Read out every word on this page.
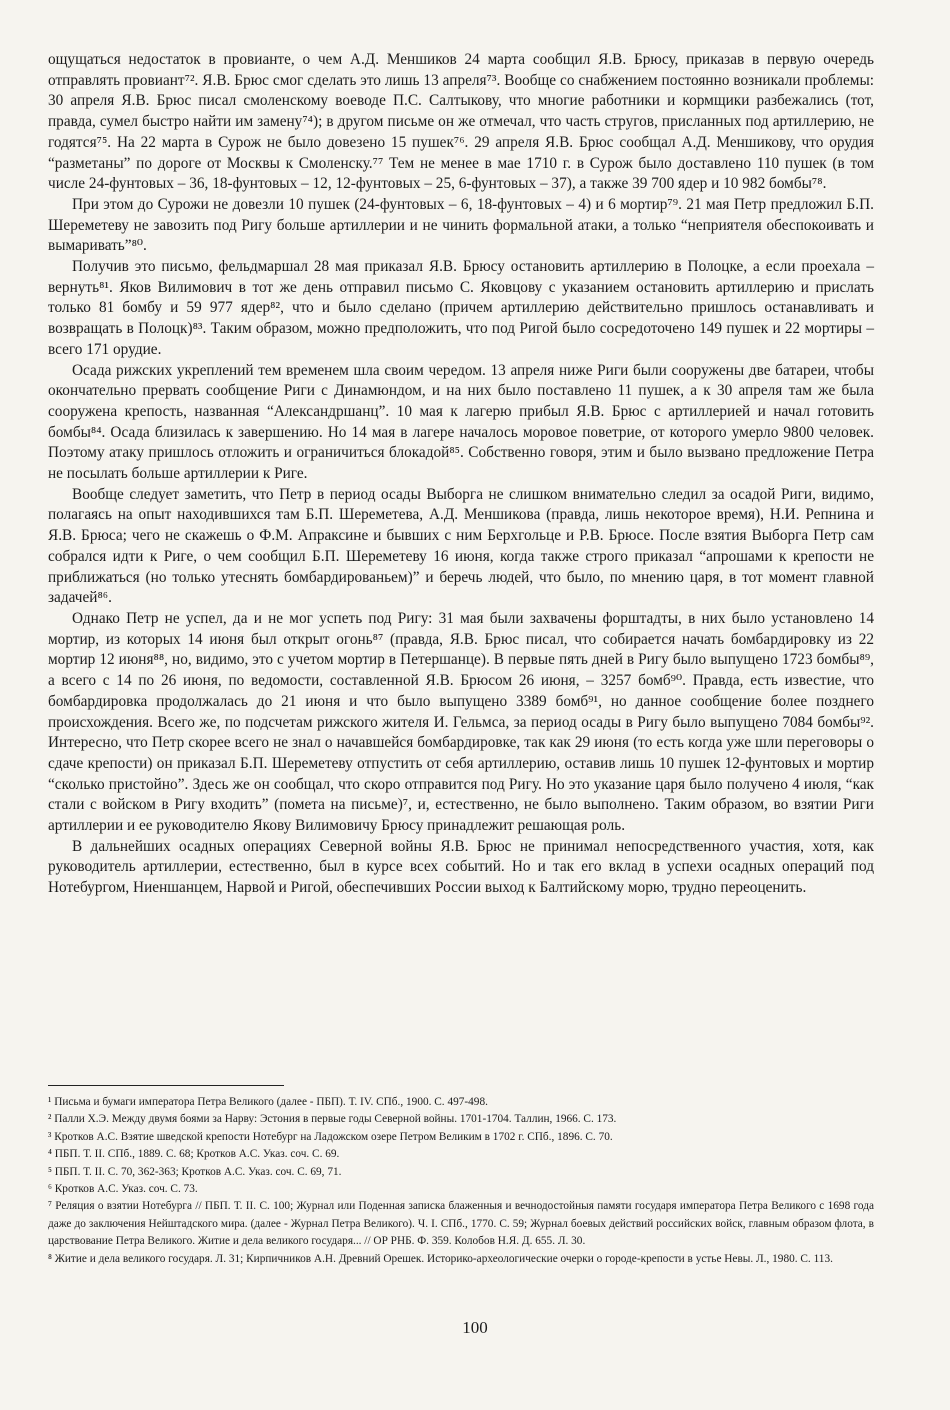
ощущаться недостаток в провианте, о чем А.Д. Меншиков 24 марта сообщил Я.В. Брюсу, приказав в первую очередь отправлять провиант⁷². Я.В. Брюс смог сделать это лишь 13 апреля⁷³. Вообще со снабжением постоянно возникали проблемы: 30 апреля Я.В. Брюс писал смоленскому воеводе П.С. Салтыкову, что многие работники и кормщики разбежались (тот, правда, сумел быстро найти им замену⁷⁴); в другом письме он же отмечал, что часть стругов, присланных под артиллерию, не годятся⁷⁵. На 22 марта в Сурож не было довезено 15 пушек⁷⁶. 29 апреля Я.В. Брюс сообщал А.Д. Меншикову, что орудия “разметаны” по дороге от Москвы к Смоленску.⁷⁷ Тем не менее в мае 1710 г. в Сурож было доставлено 110 пушек (в том числе 24-фунтовых – 36, 18-фунтовых – 12, 12-фунтовых – 25, 6-фунтовых – 37), а также 39 700 ядер и 10 982 бомбы⁷⁸.

При этом до Сурожи не довезли 10 пушек (24-фунтовых – 6, 18-фунтовых – 4) и 6 мортир⁷⁹. 21 мая Петр предложил Б.П. Шереметеву не завозить под Ригу больше артиллерии и не чинить формальной атаки, а только “неприятеля обеспокоивать и вымаривать”⁸⁰.

Получив это письмо, фельдмаршал 28 мая приказал Я.В. Брюсу остановить артиллерию в Полоцке, а если проехала – вернуть⁸¹. Яков Вилимович в тот же день отправил письмо С. Яковцову с указанием остановить артиллерию и прислать только 81 бомбу и 59 977 ядер⁸², что и было сделано (причем артиллерию действительно пришлось останавливать и возвращать в Полоцк)⁸³. Таким образом, можно предположить, что под Ригой было сосредоточено 149 пушек и 22 мортиры – всего 171 орудие.

Осада рижских укреплений тем временем шла своим чередом. 13 апреля ниже Риги были сооружены две батареи, чтобы окончательно прервать сообщение Риги с Динамюндом, и на них было поставлено 11 пушек, а к 30 апреля там же была сооружена крепость, названная “Александршанц”. 10 мая к лагерю прибыл Я.В. Брюс с артиллерией и начал готовить бомбы⁸⁴. Осада близилась к завершению. Но 14 мая в лагере началось моровое поветрие, от которого умерло 9800 человек. Поэтому атаку пришлось отложить и ограничиться блокадой⁸⁵. Собственно говоря, этим и было вызвано предложение Петра не посылать больше артиллерии к Риге.

Вообще следует заметить, что Петр в период осады Выборга не слишком внимательно следил за осадой Риги, видимо, полагаясь на опыт находившихся там Б.П. Шереметева, А.Д. Меншикова (правда, лишь некоторое время), Н.И. Репнина и Я.В. Брюса; чего не скажешь о Ф.М. Апраксине и бывших с ним Берхгольце и Р.В. Брюсе. После взятия Выборга Петр сам собрался идти к Риге, о чем сообщил Б.П. Шереметеву 16 июня, когда также строго приказал “апрошами к крепости не приближаться (но только утеснять бомбардированьем)” и беречь людей, что было, по мнению царя, в тот момент главной задачей⁸⁶.

Однако Петр не успел, да и не мог успеть под Ригу: 31 мая были захвачены форштадты, в них было установлено 14 мортир, из которых 14 июня был открыт огонь⁸⁷ (правда, Я.В. Брюс писал, что собирается начать бомбардировку из 22 мортир 12 июня⁸⁸, но, видимо, это с учетом мортир в Петершанце). В первые пять дней в Ригу было выпущено 1723 бомбы⁸⁹, а всего с 14 по 26 июня, по ведомости, составленной Я.В. Брюсом 26 июня, – 3257 бомб⁹⁰. Правда, есть известие, что бомбардировка продолжалась до 21 июня и что было выпущено 3389 бомб⁹¹, но данное сообщение более позднего происхождения. Всего же, по подсчетам рижского жителя И. Гельмса, за период осады в Ригу было выпущено 7084 бомбы⁹². Интересно, что Петр скорее всего не знал о начавшейся бомбардировке, так как 29 июня (то есть когда уже шли переговоры о сдаче крепости) он приказал Б.П. Шереметеву отпустить от себя артиллерию, оставив лишь 10 пушек 12-фунтовых и мортир “сколько пристойно”. Здесь же он сообщал, что скоро отправится под Ригу. Но это указание царя было получено 4 июля, “как стали с войском в Ригу входить” (помета на письме)⁷, и, естественно, не было выполнено. Таким образом, во взятии Риги артиллерии и ее руководителю Якову Вилимовичу Брюсу принадлежит решающая роль.

В дальнейших осадных операциях Северной войны Я.В. Брюс не принимал непосредственного участия, хотя, как руководитель артиллерии, естественно, был в курсе всех событий. Но и так его вклад в успехи осадных операций под Нотебургом, Ниеншанцем, Нарвой и Ригой, обеспечивших России выход к Балтийскому морю, трудно переоценить.

¹ Письма и бумаги императора Петра Великого (далее - ПБП). Т. IV. СПб., 1900. С. 497-498.

² Палли Х.Э. Между двумя боями за Нарву: Эстония в первые годы Северной войны. 1701-1704. Таллин, 1966. С. 173.

³ Кротков А.С. Взятие шведской крепости Нотебург на Ладожском озере Петром Великим в 1702 г. СПб., 1896. С. 70.

⁴ ПБП. Т. II. СПб., 1889. С. 68; Кротков А.С. Указ. соч. С. 69.

⁵ ПБП. Т. II. С. 70, 362-363; Кротков А.С. Указ. соч. С. 69, 71.

⁶ Кротков А.С. Указ. соч. С. 73.

⁷ Реляция о взятии Нотебурга // ПБП. Т. II. С. 100; Журнал или Поденная записка блаженныя и вечнодостойныя памяти государя императора Петра Великого с 1698 года даже до заключения Нейштадского мира. (далее - Журнал Петра Великого). Ч. I. СПб., 1770. С. 59; Журнал боевых действий российских войск, главным образом флота, в царствование Петра Великого. Житие и дела великого государя... // ОР РНБ. Ф. 359. Колобов Н.Я. Д. 655. Л. 30.

⁸ Житие и дела великого государя. Л. 31; Кирпичников А.Н. Древний Орешек. Историко-археологические очерки о городе-крепости в устье Невы. Л., 1980. С. 113.

100
